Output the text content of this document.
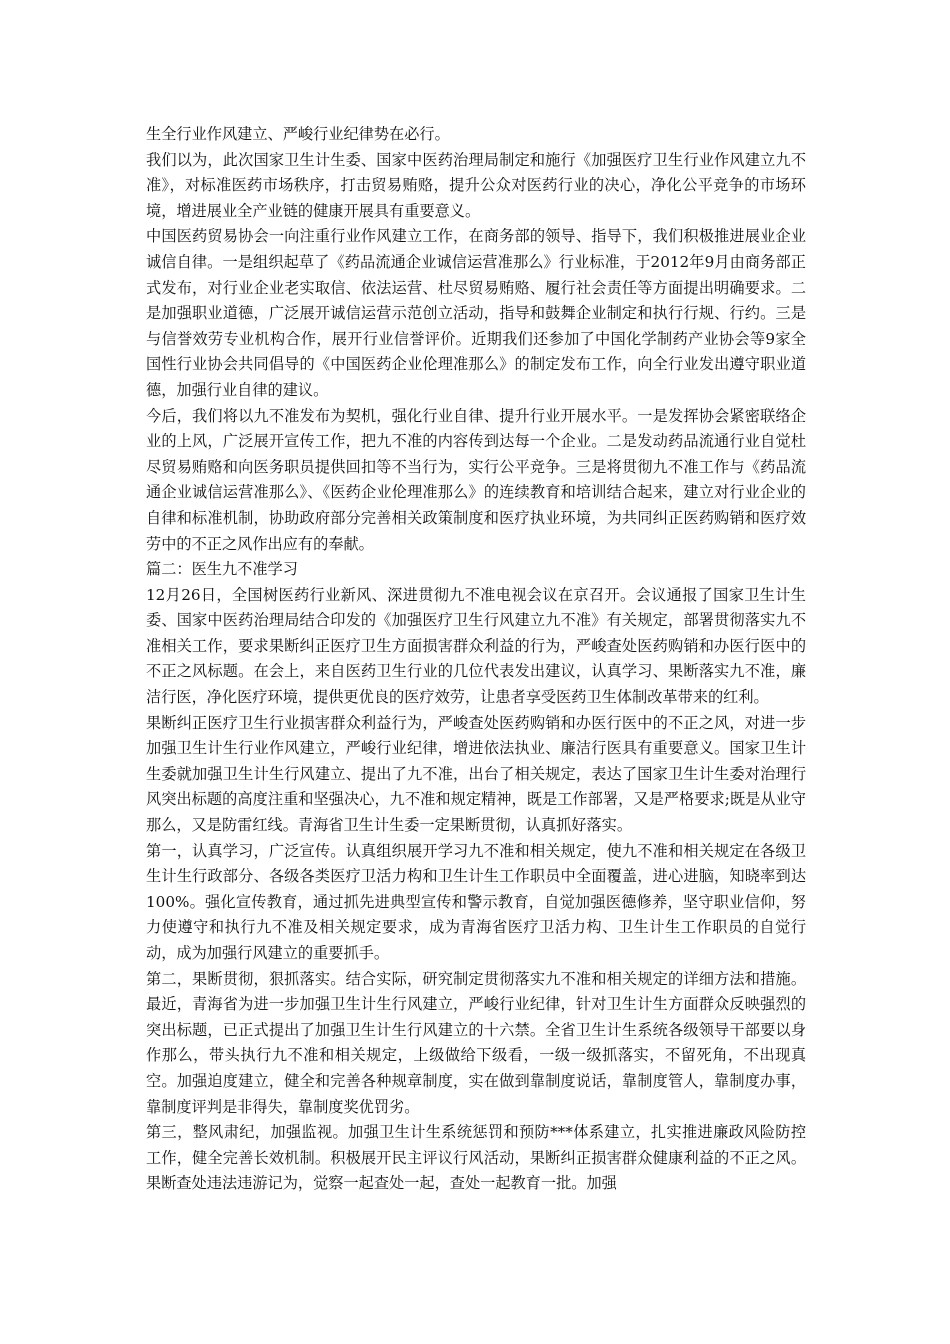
生全行业作风建立、严峻行业纪律势在必行。

我们以为，此次国家卫生计生委、国家中医药治理局制定和施行《加强医疗卫生行业作风建立九不准》，对标准医药市场秩序，打击贸易贿赂，提升公众对医药行业的决心，净化公平竞争的市场环境，增进展业全产业链的健康开展具有重要意义。

中国医药贸易协会一向注重行业作风建立工作，在商务部的领导、指导下，我们积极推进展业企业诚信自律。一是组织起草了《药品流通企业诚信运营准那么》行业标准，于2012年9月由商务部正式发布，对行业企业老实取信、依法运营、杜尽贸易贿赂、履行社会责任等方面提出明确要求。二是加强职业道德，广泛展开诚信运营示范创立活动，指导和鼓舞企业制定和执行行规、行约。三是与信誉效劳专业机构合作，展开行业信誉评价。近期我们还参加了中国化学制药产业协会等9家全国性行业协会共同倡导的《中国医药企业伦理准那么》的制定发布工作，向全行业发出遵守职业道德，加强行业自律的建议。

今后，我们将以九不准发布为契机，强化行业自律、提升行业开展水平。一是发挥协会紧密联络企业的上风，广泛展开宣传工作，把九不准的内容传到达每一个企业。二是发动药品流通行业自觉杜尽贸易贿赂和向医务职员提供回扣等不当行为，实行公平竞争。三是将贯彻九不准工作与《药品流通企业诚信运营准那么》、《医药企业伦理准那么》的连续教育和培训结合起来，建立对行业企业的自律和标准机制，协助政府部分完善相关政策制度和医疗执业环境，为共同纠正医药购销和医疗效劳中的不正之风作出应有的奉献。

篇二：医生九不准学习

12月26日，全国树医药行业新风、深进贯彻九不准电视会议在京召开。会议通报了国家卫生计生委、国家中医药治理局结合印发的《加强医疗卫生行风建立九不准》有关规定，部署贯彻落实九不准相关工作，要求果断纠正医疗卫生方面损害群众利益的行为，严峻查处医药购销和办医行医中的不正之风标题。在会上，来自医药卫生行业的几位代表发出建议，认真学习、果断落实九不准，廉洁行医，净化医疗环境，提供更优良的医疗效劳，让患者享受医药卫生体制改革带来的红利。

果断纠正医疗卫生行业损害群众利益行为，严峻查处医药购销和办医行医中的不正之风，对进一步加强卫生计生行业作风建立，严峻行业纪律，增进依法执业、廉洁行医具有重要意义。国家卫生计生委就加强卫生计生行风建立、提出了九不准，出台了相关规定，表达了国家卫生计生委对治理行风突出标题的高度注重和坚强决心，九不准和规定精神，既是工作部署，又是严格要求;既是从业守那么，又是防雷红线。青海省卫生计生委一定果断贯彻，认真抓好落实。

第一，认真学习，广泛宣传。认真组织展开学习九不准和相关规定，使九不准和相关规定在各级卫生计生行政部分、各级各类医疗卫活力构和卫生计生工作职员中全面覆盖，进心进脑，知晓率到达100%。强化宣传教育，通过抓先进典型宣传和警示教育，自觉加强医德修养，坚守职业信仰，努力使遵守和执行九不准及相关规定要求，成为青海省医疗卫活力构、卫生计生工作职员的自觉行动，成为加强行风建立的重要抓手。

第二，果断贯彻，狠抓落实。结合实际，研究制定贯彻落实九不准和相关规定的详细方法和措施。最近，青海省为进一步加强卫生计生行风建立，严峻行业纪律，针对卫生计生方面群众反映强烈的突出标题，已正式提出了加强卫生计生行风建立的十六禁。全省卫生计生系统各级领导干部要以身作那么，带头执行九不准和相关规定，上级做给下级看，一级一级抓落实，不留死角，不出现真空。加强迫度建立，健全和完善各种规章制度，实在做到靠制度说话，靠制度管人，靠制度办事，靠制度评判是非得失，靠制度奖优罚劣。

第三，整风肃纪，加强监视。加强卫生计生系统惩罚和预防***体系建立，扎实推进廉政风险防控工作，健全完善长效机制。积极展开民主评议行风活动，果断纠正损害群众健康利益的不正之风。果断查处违法违游记为，觉察一起查处一起，查处一起教育一批。加强
